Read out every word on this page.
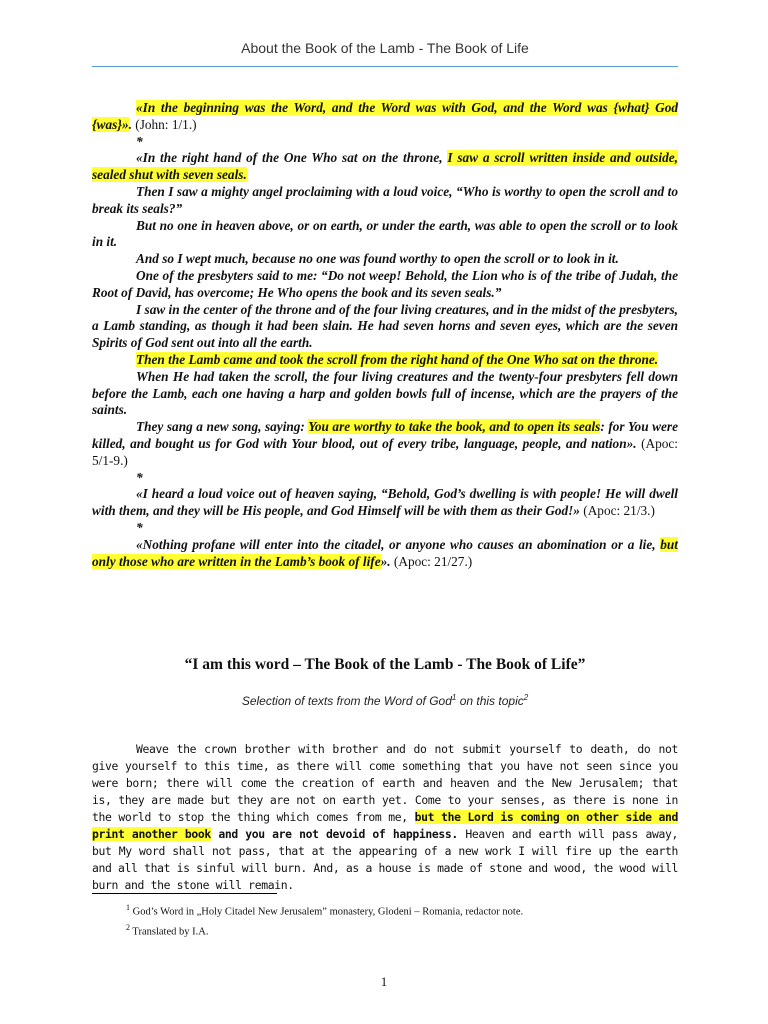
About the Book of the Lamb - The Book of Life

«In the beginning was the Word, and the Word was with God, and the Word was {what} God {was}». (John: 1/1.)

*

«In the right hand of the One Who sat on the throne, I saw a scroll written inside and outside, sealed shut with seven seals.

Then I saw a mighty angel proclaiming with a loud voice, “Who is worthy to open the scroll and to break its seals?”

But no one in heaven above, or on earth, or under the earth, was able to open the scroll or to look in it.

And so I wept much, because no one was found worthy to open the scroll or to look in it.

One of the presbyters said to me: “Do not weep! Behold, the Lion who is of the tribe of Judah, the Root of David, has overcome; He Who opens the book and its seven seals.”

I saw in the center of the throne and of the four living creatures, and in the midst of the presbyters, a Lamb standing, as though it had been slain. He had seven horns and seven eyes, which are the seven Spirits of God sent out into all the earth.

Then the Lamb came and took the scroll from the right hand of the One Who sat on the throne.

When He had taken the scroll, the four living creatures and the twenty-four presbyters fell down before the Lamb, each one having a harp and golden bowls full of incense, which are the prayers of the saints.

They sang a new song, saying: You are worthy to take the book, and to open its seals: for You were killed, and bought us for God with Your blood, out of every tribe, language, people, and nation». (Apoc: 5/1-9.)

*

«I heard a loud voice out of heaven saying, “Behold, God’s dwelling is with people! He will dwell with them, and they will be His people, and God Himself will be with them as their God!» (Apoc: 21/3.)

*

«Nothing profane will enter into the citadel, or anyone who causes an abomination or a lie, but only those who are written in the Lamb’s book of life». (Apoc: 21/27.)

“I am this word – The Book of the Lamb - The Book of Life”
Selection of texts from the Word of God$^1$ on this topic$^2$
Weave the crown brother with brother and do not submit yourself to death, do not give yourself to this time, as there will come something that you have not seen since you were born; there will come the creation of earth and heaven and the New Jerusalem; that is, they are made but they are not on earth yet. Come to your senses, as there is none in the world to stop the thing which comes from me, but the Lord is coming on other side and print another book and you are not devoid of happiness. Heaven and earth will pass away, but My word shall not pass, that at the appearing of a new work I will fire up the earth and all that is sinful will burn. And, as a house is made of stone and wood, the wood will burn and the stone will remain.
$^1$ God’s Word in „Holy Citadel New Jerusalem” monastery, Glodeni – Romania, redactor note.
$^2$ Translated by I.A.
1
